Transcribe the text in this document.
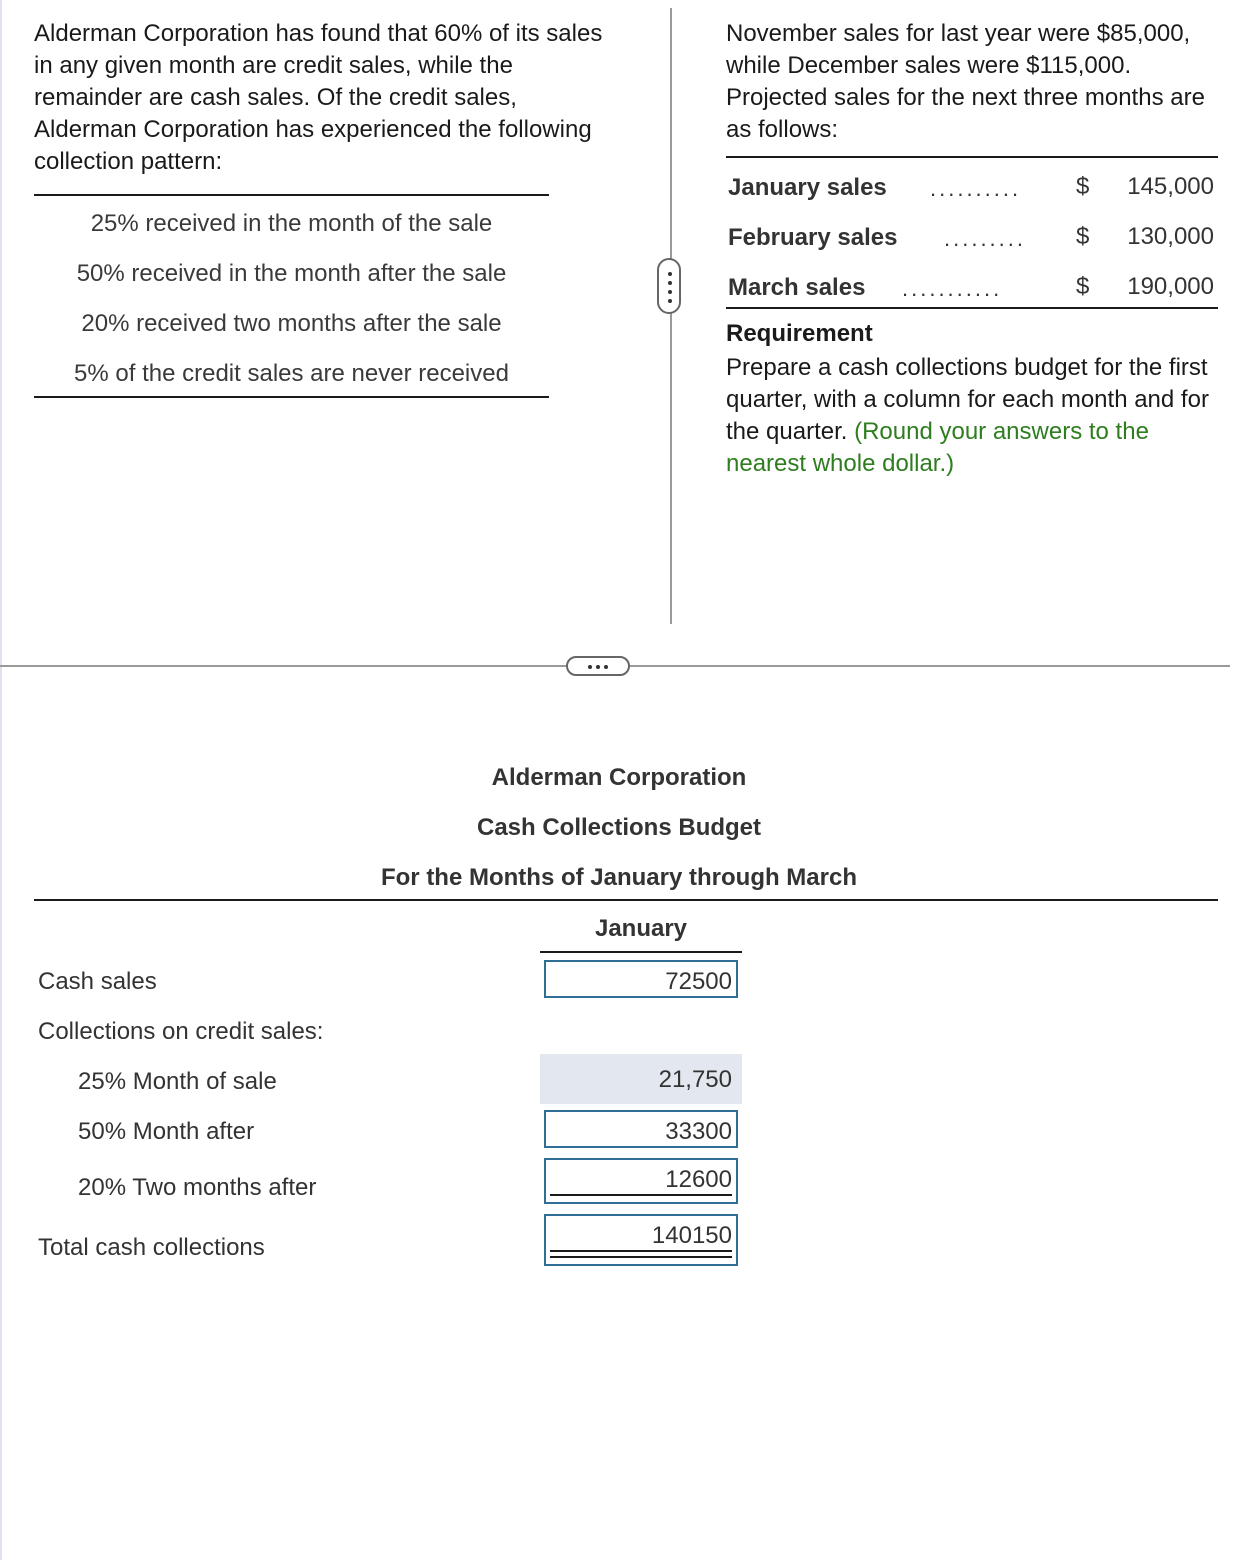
Alderman Corporation has found that 60% of its sales in any given month are credit sales, while the remainder are cash sales. Of the credit sales, Alderman Corporation has experienced the following collection pattern:
25% received in the month of the sale
50% received in the month after the sale
20% received two months after the sale
5% of the credit sales are never received
November sales for last year were $85,000, while December sales were $115,000. Projected sales for the next three months are as follows:
January sales .......... $	145,000
February sales ......... $	130,000
March sales ...........	$	190,000
Requirement
Prepare a cash collections budget for the first quarter, with a column for each month and for the quarter. (Round your answers to the nearest whole dollar.)
Alderman Corporation
Cash Collections Budget
For the Months of January through March
January
Cash sales	72500
Collections on credit sales:
25% Month of sale	21,750
50% Month after	33300
20% Two months after	12600
Total cash collections	140150
